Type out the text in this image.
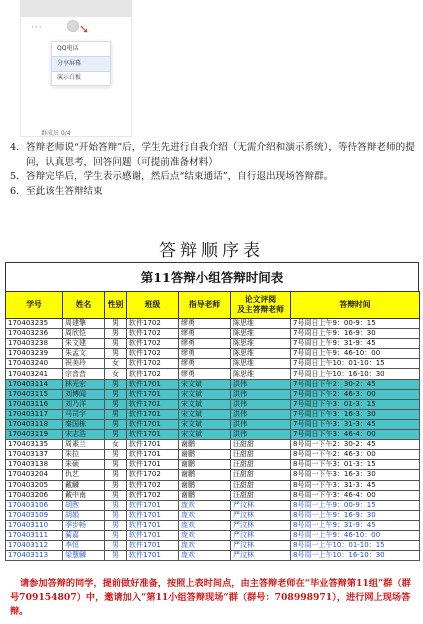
···	➘
QQ电话
分享屏幕
演示白板
群成员 0/4
4. 答辩老师说“开始答辩”后，学生先进行自我介绍（无需介绍和演示系统），等待答辩老师的提问，认真思考，回答问题（可提前准备材料）
5. 答辩完毕后，学生表示感谢，然后点“结束通话”，自行退出现场答辩群。
6. 至此该生答辩结束
答辩顺序表
第11答辩小组答辩时间表
学号	姓名	性别	班级	指导老师	论文评阅
及主答辩老师	答辩时间
170403235	周建擎	男	软件1702	缪勇	陈思维	7号周日上午9：00-9：15
170403236	周欣恺	男	软件1702	缪勇	陈思维	7号周日上午9：16-9：30
170403238	朱文建	男	软件1702	缪勇	陈思维	7号周日上午9：31-9：45
170403239	朱孟文	男	软件1702	缪勇	陈思维	7号周日上午9：46-10：00
170403240	祝美玲	女	软件1702	缪勇	陈思维	7号周日上午10：01-10：15
170403241	宗音音	女	软件1702	缪勇	陈思维	7号周日上午10：16-10：30
170403114	林光宏	男	软件1701	宋文斌	洪伟	7号周日下午2：30-2：45
170403115	刘博闻	男	软件1701	宋文斌	洪伟	7号周日下午2：46-3：00
170403116	刘乃洋	男	软件1701	宋文斌	洪伟	7号周日下午3：01-3：15
170403117	马司宇	男	软件1701	宋文斌	洪伟	7号周日下午3：16-3：30
170403118	秦国栋	男	软件1701	宋文斌	洪伟	7号周日下午3：31-3：45
170403119	宋志浩	男	软件1701	宋文斌	洪伟	7号周日下午3：46-4：00
170403135	周素兰	女	软件1701	谢鹏	汪甜甜	8号周一下午2：30-2：45
170403137	朱拉	男	软件1701	谢鹏	汪甜甜	8号周一下午2：46-3：00
170403138	朱硕	男	软件1701	谢鹏	汪甜甜	8号周一下午3：01-3：15
170403204	仇艺	男	软件1702	谢鹏	汪甜甜	8号周一下午3：16-3：30
170403205	戴麟	男	软件1702	谢鹏	汪甜甜	8号周一下午3：31-3：45
170403206	戴中南	男	软件1702	谢鹏	汪甜甜	8号周一下午3：46-4：00
170403106	胡煦	男	软件1701	庞欢	严汶林	8号周一上午9：00-9：15
170403109	胡娟	男	软件1701	庞欢	严汶林	8号周一上午9：16-9：30
170403110	季步畅	男	软件1701	庞欢	严汶林	8号周一上午9：31-9：45
170403111	蔺嘉	男	软件1701	庞欢	严汶林	8号周一上午9：46-10：00
170403112	李恒	男	软件1701	庞欢	严汶林	8号周一上午10：01-10：15
170403113	梁慧麟	男	软件1701	庞欢	严汶林	8号周一上午10：16-10：30
请参加答辩的同学，提前做好准备，按照上表时间点，由主答辩老师在“毕业答辩第11组”群（群号709154807）中，邀请加入“第11小组答辩现场”群（群号：708998971），进行网上现场答辩。
